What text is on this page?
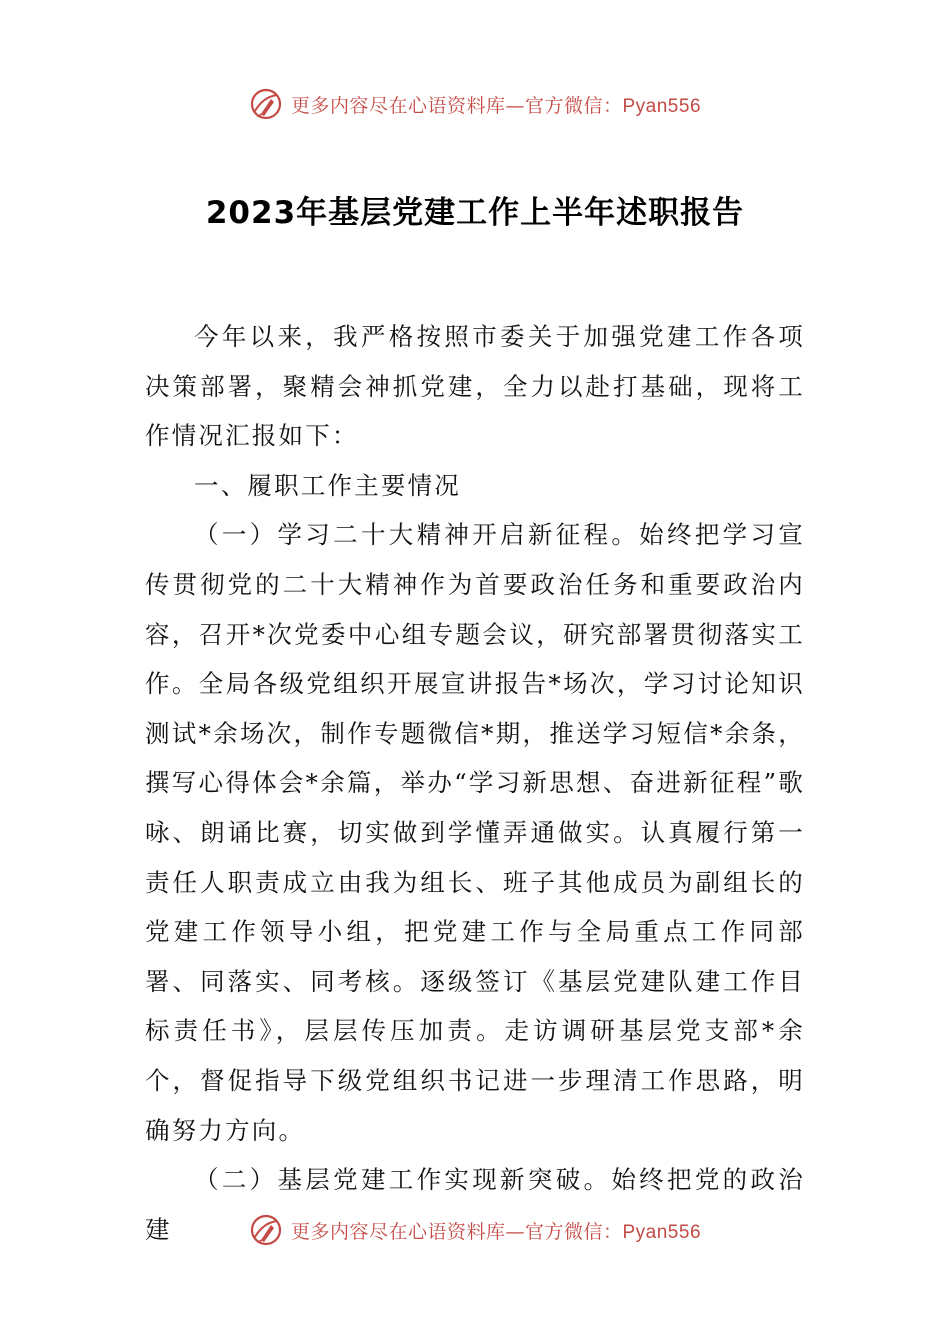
更多内容尽在心语资料库—官方微信：Pyan556
2023年基层党建工作上半年述职报告

今年以来，我严格按照市委关于加强党建工作各项决策部署，聚精会神抓党建，全力以赴打基础，现将工作情况汇报如下：

一、履职工作主要情况

（一）学习二十大精神开启新征程。始终把学习宣传贯彻党的二十大精神作为首要政治任务和重要政治内容，召开*次党委中心组专题会议，研究部署贯彻落实工作。全局各级党组织开展宣讲报告*场次，学习讨论知识测试*余场次，制作专题微信*期，推送学习短信*余条，撰写心得体会*余篇，举办“学习新思想、奋进新征程”歌咏、朗诵比赛，切实做到学懂弄通做实。认真履行第一责任人职责成立由我为组长、班子其他成员为副组长的党建工作领导小组，把党建工作与全局重点工作同部署、同落实、同考核。逐级签订《基层党建队建工作目标责任书》，层层传压加责。走访调研基层党支部*余个，督促指导下级党组织书记进一步理清工作思路，明确努力方向。

（二）基层党建工作实现新突破。始终把党的政治建	更多内容尽在心语资料库—官方微信：Pyan556
